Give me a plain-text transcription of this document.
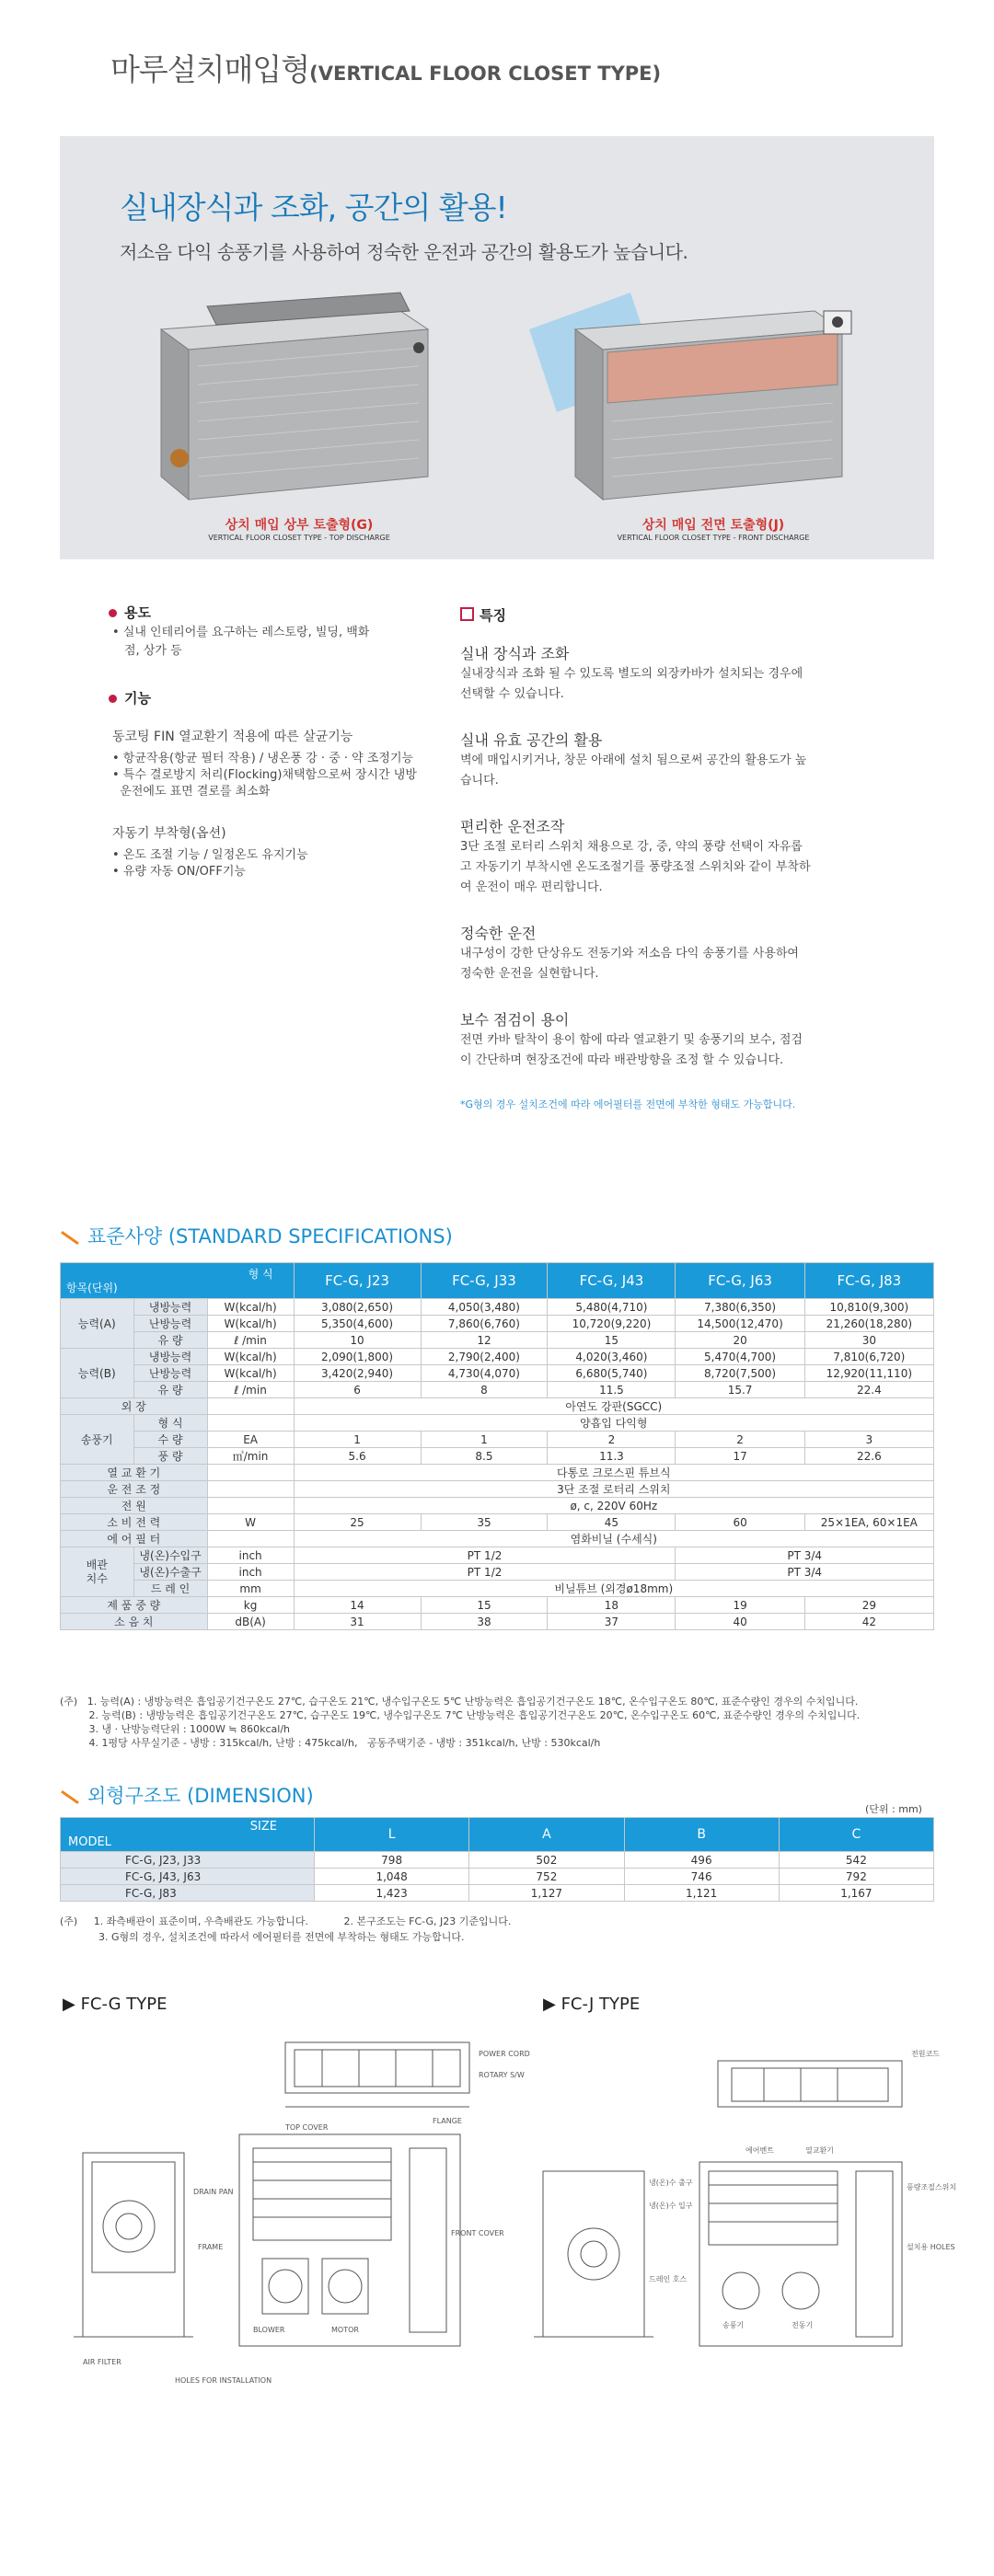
마루설치매입형(VERTICAL FLOOR CLOSET TYPE)
실내장식과 조화, 공간의 활용!
저소음 다익 송풍기를 사용하여 정숙한 운전과 공간의 활용도가 높습니다.
상치 매입 상부 토출형(G)
VERTICAL FLOOR CLOSET TYPE - TOP DISCHARGE
상치 매입 전면 토출형(J)
VERTICAL FLOOR CLOSET TYPE - FRONT DISCHARGE
용도
• 실내 인테리어를 요구하는 레스토랑, 빌딩, 백화
점, 상가 등
기능
동코팅 FIN 열교환기 적용에 따른 살균기능
• 항균작용(항균 필터 작용) / 냉온풍 강 · 중 · 약 조정기능
• 특수 결로방지 처리(Flocking)채택함으로써 장시간 냉방
운전에도 표면 결로를 최소화
자동기 부착형(옵션)
• 온도 조절 기능 / 일정온도 유지기능
• 유량 자동 ON/OFF기능
특징
실내 장식과 조화
실내장식과 조화 될 수 있도록 별도의 외장카바가 설치되는 경우에
선택할 수 있습니다.
실내 유효 공간의 활용
벽에 매입시키거나, 창문 아래에 설치 됨으로써 공간의 활용도가 높
습니다.
편리한 운전조작
3단 조절 로터리 스위치 채용으로 강, 중, 약의 풍량 선택이 자유롭
고 자동기기 부착시엔 온도조절기를 풍량조절 스위치와 같이 부착하
여 운전이 매우 편리합니다.
정숙한 운전
내구성이 강한 단상유도 전동기와 저소음 다익 송풍기를 사용하여
정숙한 운전을 실현합니다.
보수 점검이 용이
전면 카바 탈착이 용이 함에 따라 열교환기 및 송풍기의 보수, 점검
이 간단하며 현장조건에 따라 배관방향을 조정 할 수 있습니다.
*G형의 경우 설치조건에 따라 에어필터를 전면에 부착한 형태도 가능합니다.
표준사양 (STANDARD SPECIFICATIONS)
형 식
항목(단위)			FC-G, J23	FC-G, J33	FC-G, J43	FC-G, J63	FC-G, J83
능력(A)	냉방능력	W(kcal/h)	3,080(2,650)	4,050(3,480)	5,480(4,710)	7,380(6,350)	10,810(9,300)
	난방능력	W(kcal/h)	5,350(4,600)	7,860(6,760)	10,720(9,220)	14,500(12,470)	21,260(18,280)
	유 량	ℓ /min	10	12	15	20	30
능력(B)	냉방능력	W(kcal/h)	2,090(1,800)	2,790(2,400)	4,020(3,460)	5,470(4,700)	7,810(6,720)
	난방능력	W(kcal/h)	3,420(2,940)	4,730(4,070)	6,680(5,740)	8,720(7,500)	12,920(11,110)
	유 량	ℓ /min	6	8	11.5	15.7	22.4
외 장			아연도 강판(SGCC)				
송풍기	형 식		양흡입 다익형				
	수 량	EA	1	1	2	2	3
	풍 량	㎥/min	5.6	8.5	11.3	17	22.6
열 교 환 기			다통로 크로스핀 튜브식				
운 전 조 정			3단 조절 로터리 스위치				
전 원			ø, c, 220V 60Hz				
소 비 전 력		W	25	35	45	60	25×1EA, 60×1EA
에 어 필 터			염화비닐 (수세식)				
배관
치수	냉(온)수입구	inch	PT 1/2			PT 3/4	
	냉(온)수출구	inch	PT 1/2			PT 3/4	
	드 레 인	mm	비닐튜브 (외경ø18mm)				
제 품 중 량		kg	14	15	18	19	29
소 음 치		dB(A)	31	38	37	40	42
(주)   1. 능력(A) : 냉방능력은 흡입공기건구온도 27℃, 습구온도 21℃, 냉수입구온도 5℃ 난방능력은 흡입공기건구온도 18℃, 온수입구온도 80℃, 표준수량인 경우의 수치입니다.
2. 능력(B) : 냉방능력은 흡입공기건구온도 27℃, 습구온도 19℃, 냉수입구온도 7℃ 난방능력은 흡입공기건구온도 20℃, 온수입구온도 60℃, 표준수량인 경우의 수치입니다.
3. 냉 · 난방능력단위 : 1000W ≒ 860kcal/h
4. 1평당 사무실기준 - 냉방 : 315kcal/h, 난방 : 475kcal/h,   공동주택기준 - 냉방 : 351kcal/h, 난방 : 530kcal/h
외형구조도 (DIMENSION)
(단위 : mm)
SIZE
MODEL	L	A	B	C
FC-G, J23, J33	798	502	496	542
FC-G, J43, J63	1,048	752	746	792
FC-G, J83	1,423	1,127	1,121	1,167
(주)     1. 좌측배관이 표준이며, 우측배관도 가능합니다.           2. 본구조도는 FC-G, J23 기준입니다.
3. G형의 경우, 설치조건에 따라서 에어필터를 전면에 부착하는 형태도 가능합니다.
▶ FC-G TYPE	▶ FC-J TYPE
POWER CORD
ROTARY S/W
AIR FILTER
TOP COVER
FLANGE
DRAIN PAN
FRAME
FRONT COVER
BLOWER	MOTOR
HOLES FOR INSTALLATION
전원코드
냉(온)수 출구
냉(온)수 입구
드레인 호스
에어벤트	열교환기
풍량조절스위치
설치용 HOLES
송풍기	전동기
